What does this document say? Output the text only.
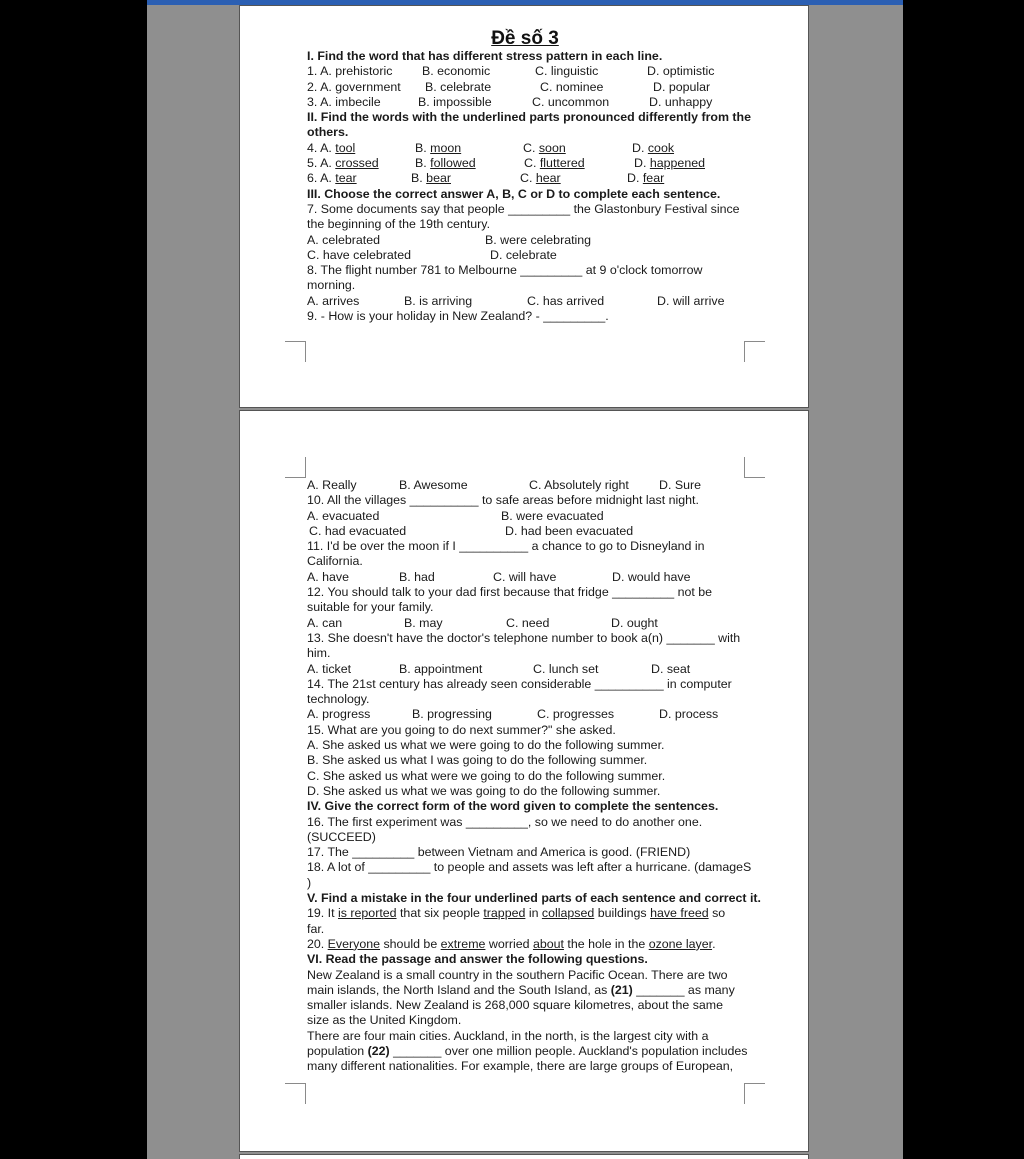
Đề số 3
I. Find the word that has different stress pattern in each line.
1. A. prehistoric B. economic	C. linguistic	D. optimistic
2. A. government B. celebrate	C. nominee	D. popular
3. A. imbecile	B. impossible	C. uncommon	D. unhappy
II. Find the words with the underlined parts pronounced differently from the
others.
4. A. tool	B. moon	C. soon	D. cook
5. A. crossed	B. followed	C. fluttered	D. happened
6. A. tear	B. bear	C. hear	D. fear
III. Choose the correct answer A, B, C or D to complete each sentence.
7. Some documents say that people _________ the Glastonbury Festival since
the beginning of the 19th century.
A. celebrated	B. were celebrating
C. have celebrated	D. celebrate
8. The flight number 781 to Melbourne _________ at 9 o'clock tomorrow
morning.
A. arrives	B. is arriving	C. has arrived	D. will arrive
9. - How is your holiday in New Zealand? - _________.
A. Really	B. Awesome	C. Absolutely right D. Sure
10. All the villages __________ to safe areas before midnight last night.
A. evacuated	B. were evacuated
C. had evacuated	D. had been evacuated
11. I'd be over the moon if I __________ a chance to go to Disneyland in
California.
A. have	B. had	C. will have	D. would have
12. You should talk to your dad first because that fridge _________ not be
suitable for your family.
A. can	B. may	C. need	D. ought
13. She doesn't have the doctor's telephone number to book a(n) _______ with
him.
A. ticket	B. appointment	C. lunch set	D. seat
14. The 21st century has already seen considerable __________ in computer
technology.
A. progress	B. progressing	C. progresses	D. process
15. What are you going to do next summer?" she asked.
A. She asked us what we were going to do the following summer.
B. She asked us what I was going to do the following summer.
C. She asked us what were we going to do the following summer.
D. She asked us what we was going to do the following summer.
IV. Give the correct form of the word given to complete the sentences.
16. The first experiment was _________, so we need to do another one.
(SUCCEED)
17. The _________ between Vietnam and America is good. (FRIEND)
18. A lot of _________ to people and assets was left after a hurricane. (damageS
)
V. Find a mistake in the four underlined parts of each sentence and correct it.
19. It is reported that six people trapped in collapsed buildings have freed so
far.
20. Everyone should be extreme worried about the hole in the ozone layer.
VI. Read the passage and answer the following questions.
New Zealand is a small country in the southern Pacific Ocean. There are two
main islands, the North Island and the South Island, as (21) _______ as many
smaller islands. New Zealand is 268,000 square kilometres, about the same
size as the United Kingdom.
There are four main cities. Auckland, in the north, is the largest city with a
population (22) _______ over one million people. Auckland's population includes
many different nationalities. For example, there are large groups of European,
